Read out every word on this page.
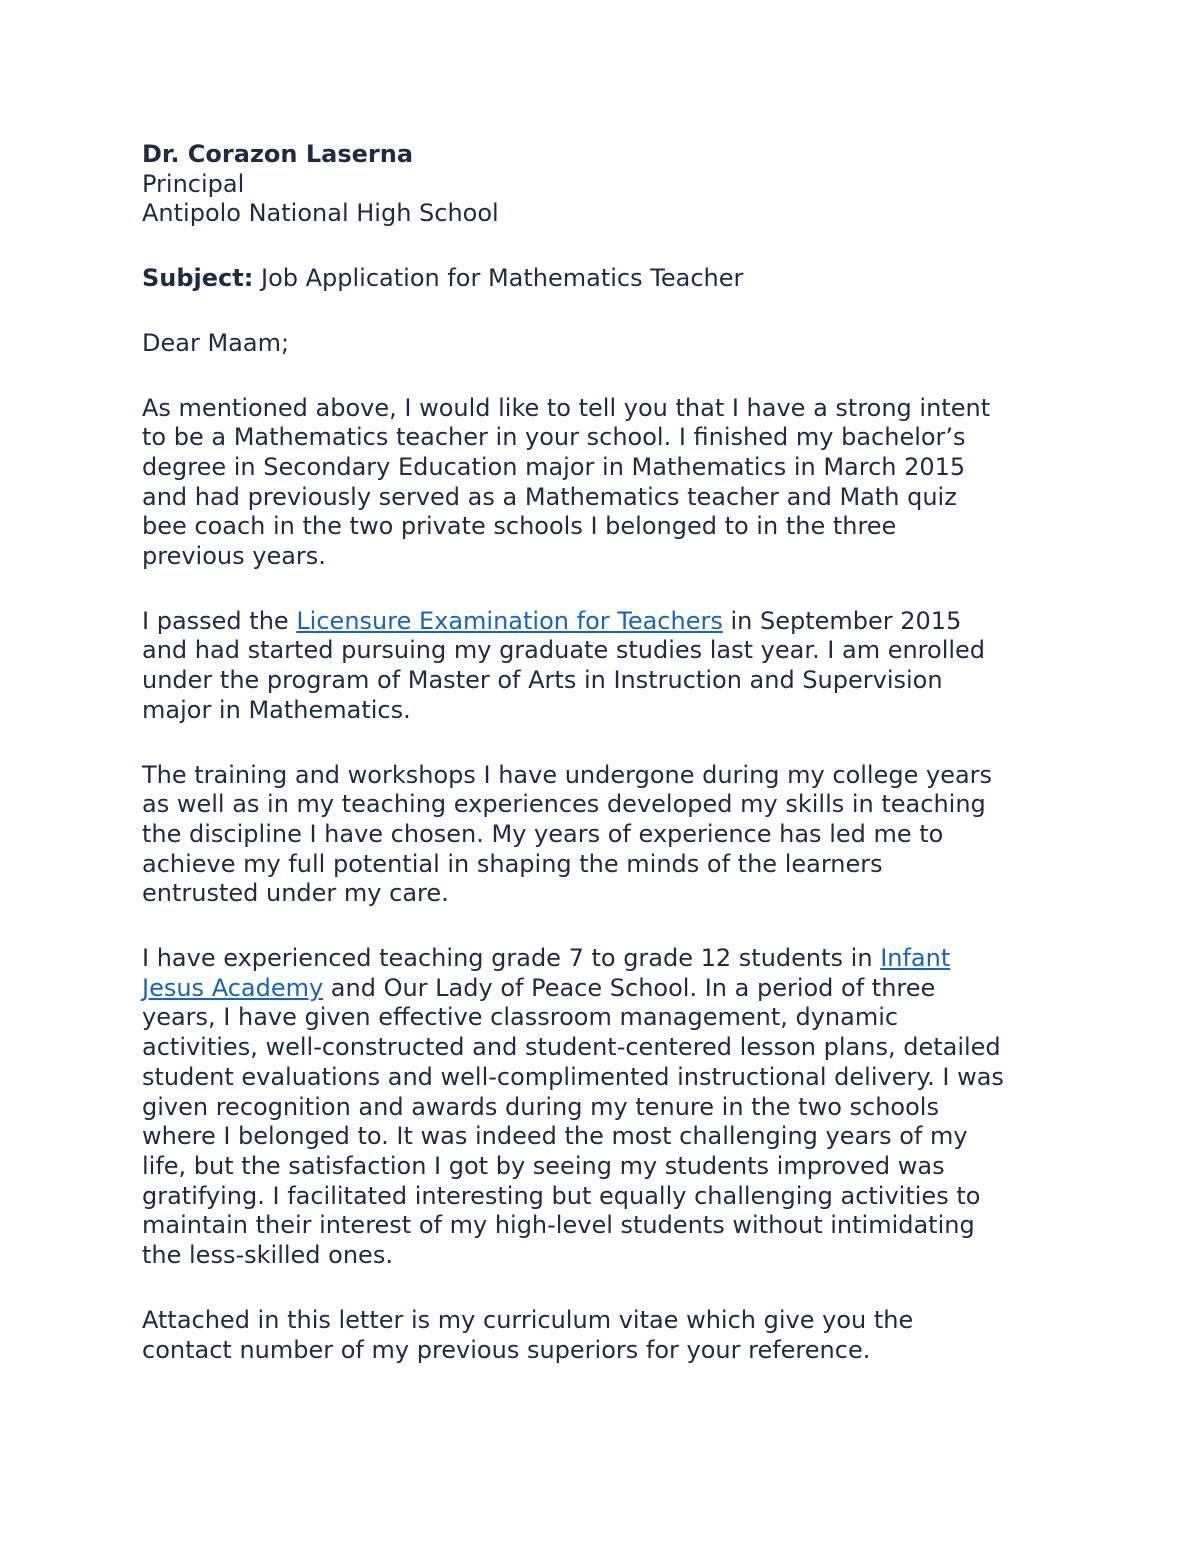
Dr. Corazon Laserna

Principal

Antipolo National High School

Subject: Job Application for Mathematics Teacher

Dear Maam;

As mentioned above, I would like to tell you that I have a strong intent
to be a Mathematics teacher in your school. I finished my bachelor’s
degree in Secondary Education major in Mathematics in March 2015
and had previously served as a Mathematics teacher and Math quiz
bee coach in the two private schools I belonged to in the three
previous years.

I passed the Licensure Examination for Teachers in September 2015
and had started pursuing my graduate studies last year. I am enrolled
under the program of Master of Arts in Instruction and Supervision
major in Mathematics.

The training and workshops I have undergone during my college years
as well as in my teaching experiences developed my skills in teaching
the discipline I have chosen. My years of experience has led me to
achieve my full potential in shaping the minds of the learners
entrusted under my care.

I have experienced teaching grade 7 to grade 12 students in Infant
Jesus Academy and Our Lady of Peace School. In a period of three
years, I have given effective classroom management, dynamic
activities, well-constructed and student-centered lesson plans, detailed
student evaluations and well-complimented instructional delivery. I was
given recognition and awards during my tenure in the two schools
where I belonged to. It was indeed the most challenging years of my
life, but the satisfaction I got by seeing my students improved was
gratifying. I facilitated interesting but equally challenging activities to
maintain their interest of my high-level students without intimidating
the less-skilled ones.

Attached in this letter is my curriculum vitae which give you the
contact number of my previous superiors for your reference.
